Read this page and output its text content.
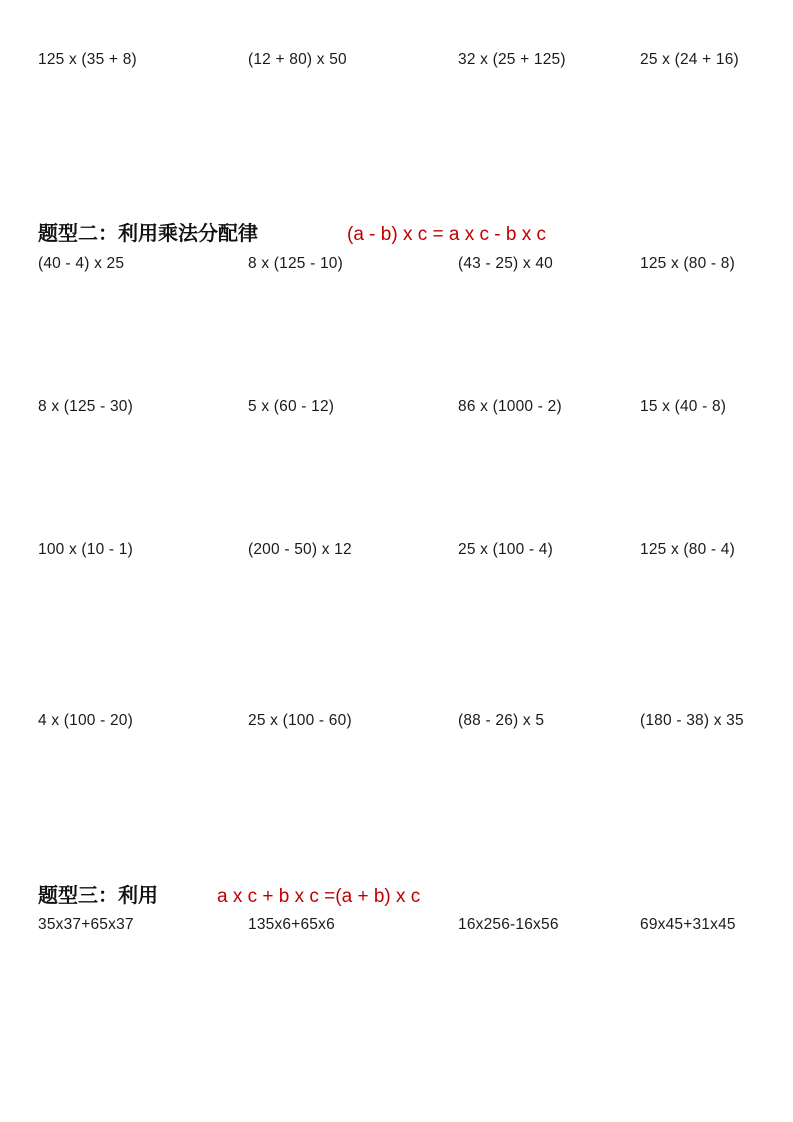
125 x (35 + 8)	(12 + 80) x 50	32 x (25 + 125)	25 x (24 + 16)
题型二：利用乘法分配律	(a - b) x c = a x c - b x c
(40 - 4) x 25	8 x (125 - 10)	(43 - 25) x 40	125 x (80 - 8)
8 x (125 - 30)	5 x (60 - 12)	86 x (1000 - 2)	15 x (40 - 8)
100 x (10 - 1)	(200 - 50) x 12	25 x (100 - 4)	125 x (80 - 4)
4 x (100 - 20)	25 x (100 - 60)	(88 - 26) x 5	(180 - 38) x 35
题型三：利用	a x c + b x c =(a + b) x c
35x37+65x37	135x6+65x6	16x256-16x56	69x45+31x45
